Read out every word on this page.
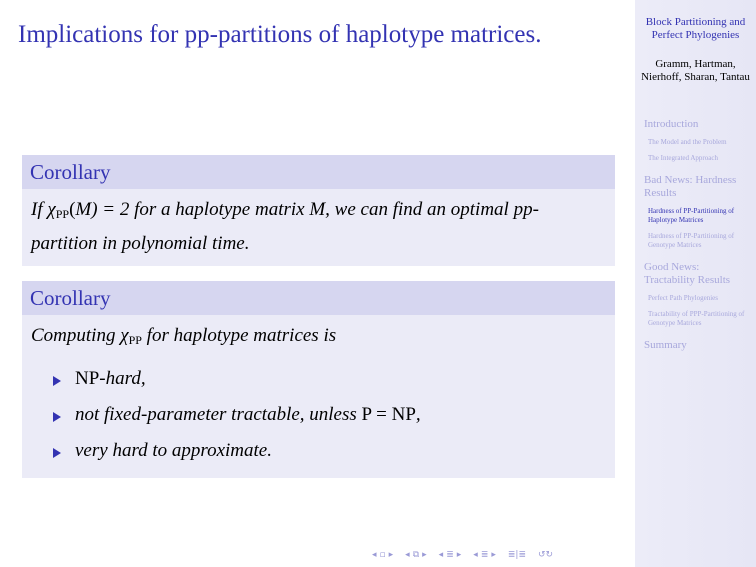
Implications for pp-partitions of haplotype matrices.
Corollary
If $\chi_{PP}(M) = 2$ for a haplotype matrix M, we can find an optimal pp-partition in polynomial time.
Corollary
Computing $\chi_{PP}$ for haplotype matrices is
NP-hard,
not fixed-parameter tractable, unless P = NP,
very hard to approximate.
◂ ▫ ▸ ◂ ⧉ ▸ ◂ ≣ ▸ ◂ ≣ ▸ ≣|≣ ↺↻
Block Partitioning and Perfect Phylogenies
Gramm, Hartman, Nierhoff, Sharan, Tantau
Introduction
The Model and the Problem
The Integrated Approach
Bad News: Hardness Results
Hardness of PP-Partitioning of Haplotype Matrices
Hardness of PP-Partitioning of Genotype Matrices
Good News: Tractability Results
Perfect Path Phylogenies
Tractability of PPP-Partitioning of Genotype Matrices
Summary
